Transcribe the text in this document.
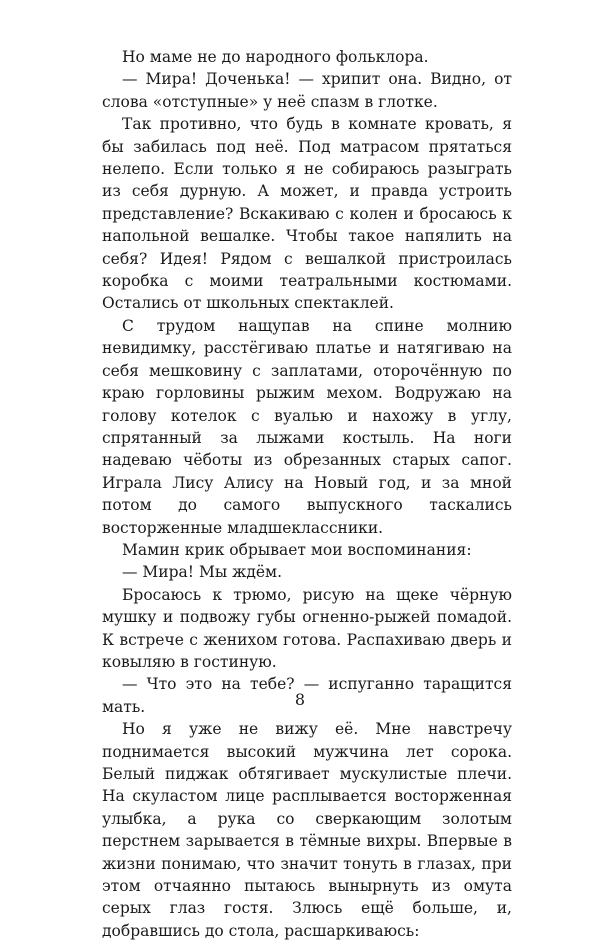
Но маме не до народного фольклора.

— Мира! Доченька! — хрипит она. Видно, от слова «отступные» у неё спазм в глотке.

Так противно, что будь в комнате кровать, я бы забилась под неё. Под матрасом прятаться нелепо. Если только я не собираюсь разыграть из себя дурную. А может, и правда устроить представление? Вскакиваю с колен и бросаюсь к напольной вешалке. Чтобы такое напялить на себя? Идея! Рядом с вешалкой пристроилась коробка с моими театральными костюмами. Остались от школьных спектаклей.

С трудом нащупав на спине молнию невидимку, расстёгиваю платье и натягиваю на себя мешковину с заплатами, оторочённую по краю горловины рыжим мехом. Водружаю на голову котелок с вуалью и нахожу в углу, спрятанный за лыжами костыль. На ноги надеваю чёботы из обрезанных старых сапог. Играла Лису Алису на Новый год, и за мной потом до самого выпускного таскались восторженные младшеклассники.

Мамин крик обрывает мои воспоминания:

— Мира! Мы ждём.

Бросаюсь к трюмо, рисую на щеке чёрную мушку и подвожу губы огненно-рыжей помадой. К встрече с женихом готова. Распахиваю дверь и ковыляю в гостиную.

— Что это на тебе? — испуганно таращится мать.

Но я уже не вижу её. Мне навстречу поднимается высокий мужчина лет сорока. Белый пиджак обтягивает мускулистые плечи. На скуластом лице расплывается восторженная улыбка, а рука со сверкающим золотым перстнем зарывается в тёмные вихры. Впервые в жизни понимаю, что значит тонуть в глазах, при этом отчаянно пытаюсь вынырнуть из омута серых глаз гостя. Злюсь ещё больше, и, добравшись до стола, расшаркиваюсь:

8
